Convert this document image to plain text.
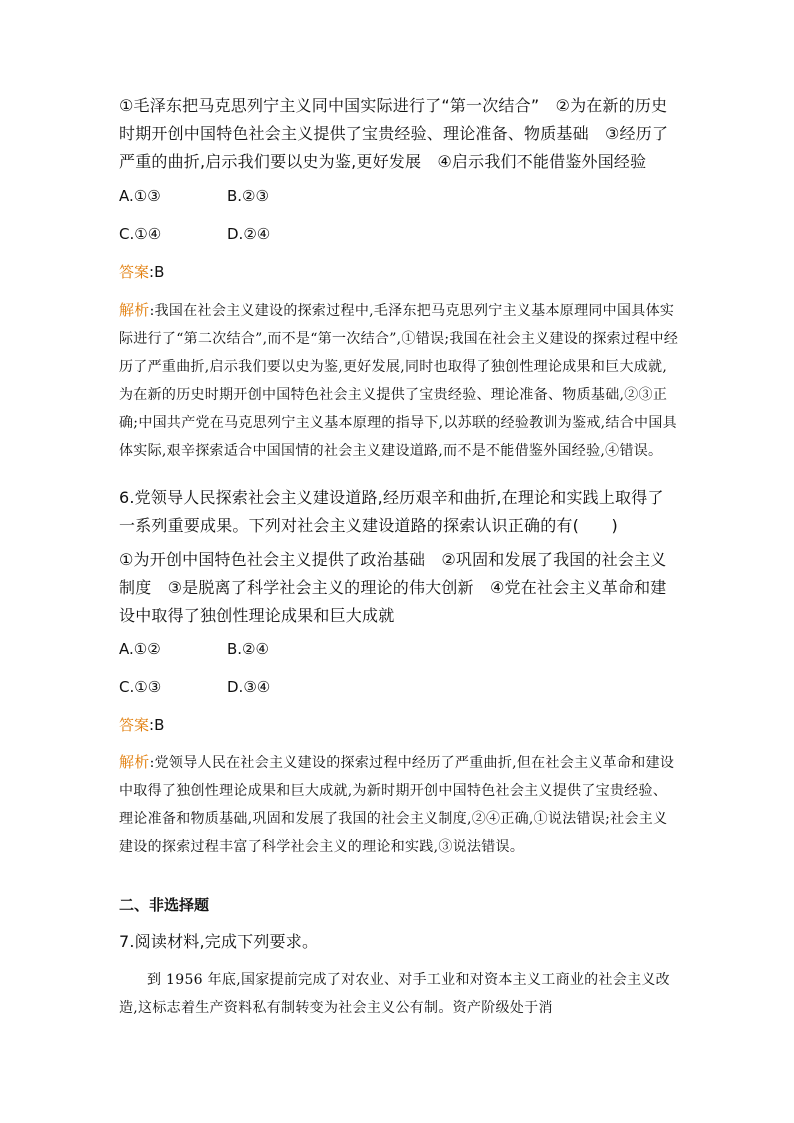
①毛泽东把马克思列宁主义同中国实际进行了“第一次结合”　②为在新的历史时期开创中国特色社会主义提供了宝贵经验、理论准备、物质基础　③经历了严重的曲折,启示我们要以史为鉴,更好发展　④启示我们不能借鉴外国经验
A.①③	B.②③
C.①④	D.②④
答案:B
解析:我国在社会主义建设的探索过程中,毛泽东把马克思列宁主义基本原理同中国具体实际进行了“第二次结合”,而不是“第一次结合”,①错误;我国在社会主义建设的探索过程中经历了严重曲折,启示我们要以史为鉴,更好发展,同时也取得了独创性理论成果和巨大成就,为在新的历史时期开创中国特色社会主义提供了宝贵经验、理论准备、物质基础,②③正确;中国共产党在马克思列宁主义基本原理的指导下,以苏联的经验教训为鉴戒,结合中国具体实际,艰辛探索适合中国国情的社会主义建设道路,而不是不能借鉴外国经验,④错误。
6.党领导人民探索社会主义建设道路,经历艰辛和曲折,在理论和实践上取得了一系列重要成果。下列对社会主义建设道路的探索认识正确的有(　　)
①为开创中国特色社会主义提供了政治基础　②巩固和发展了我国的社会主义制度　③是脱离了科学社会主义的理论的伟大创新　④党在社会主义革命和建设中取得了独创性理论成果和巨大成就
A.①②	B.②④
C.①③	D.③④
答案:B
解析:党领导人民在社会主义建设的探索过程中经历了严重曲折,但在社会主义革命和建设中取得了独创性理论成果和巨大成就,为新时期开创中国特色社会主义提供了宝贵经验、理论准备和物质基础,巩固和发展了我国的社会主义制度,②④正确,①说法错误;社会主义建设的探索过程丰富了科学社会主义的理论和实践,③说法错误。
二、非选择题
7.阅读材料,完成下列要求。
到 1956 年底,国家提前完成了对农业、对手工业和对资本主义工商业的社会主义改造,这标志着生产资料私有制转变为社会主义公有制。资产阶级处于消
